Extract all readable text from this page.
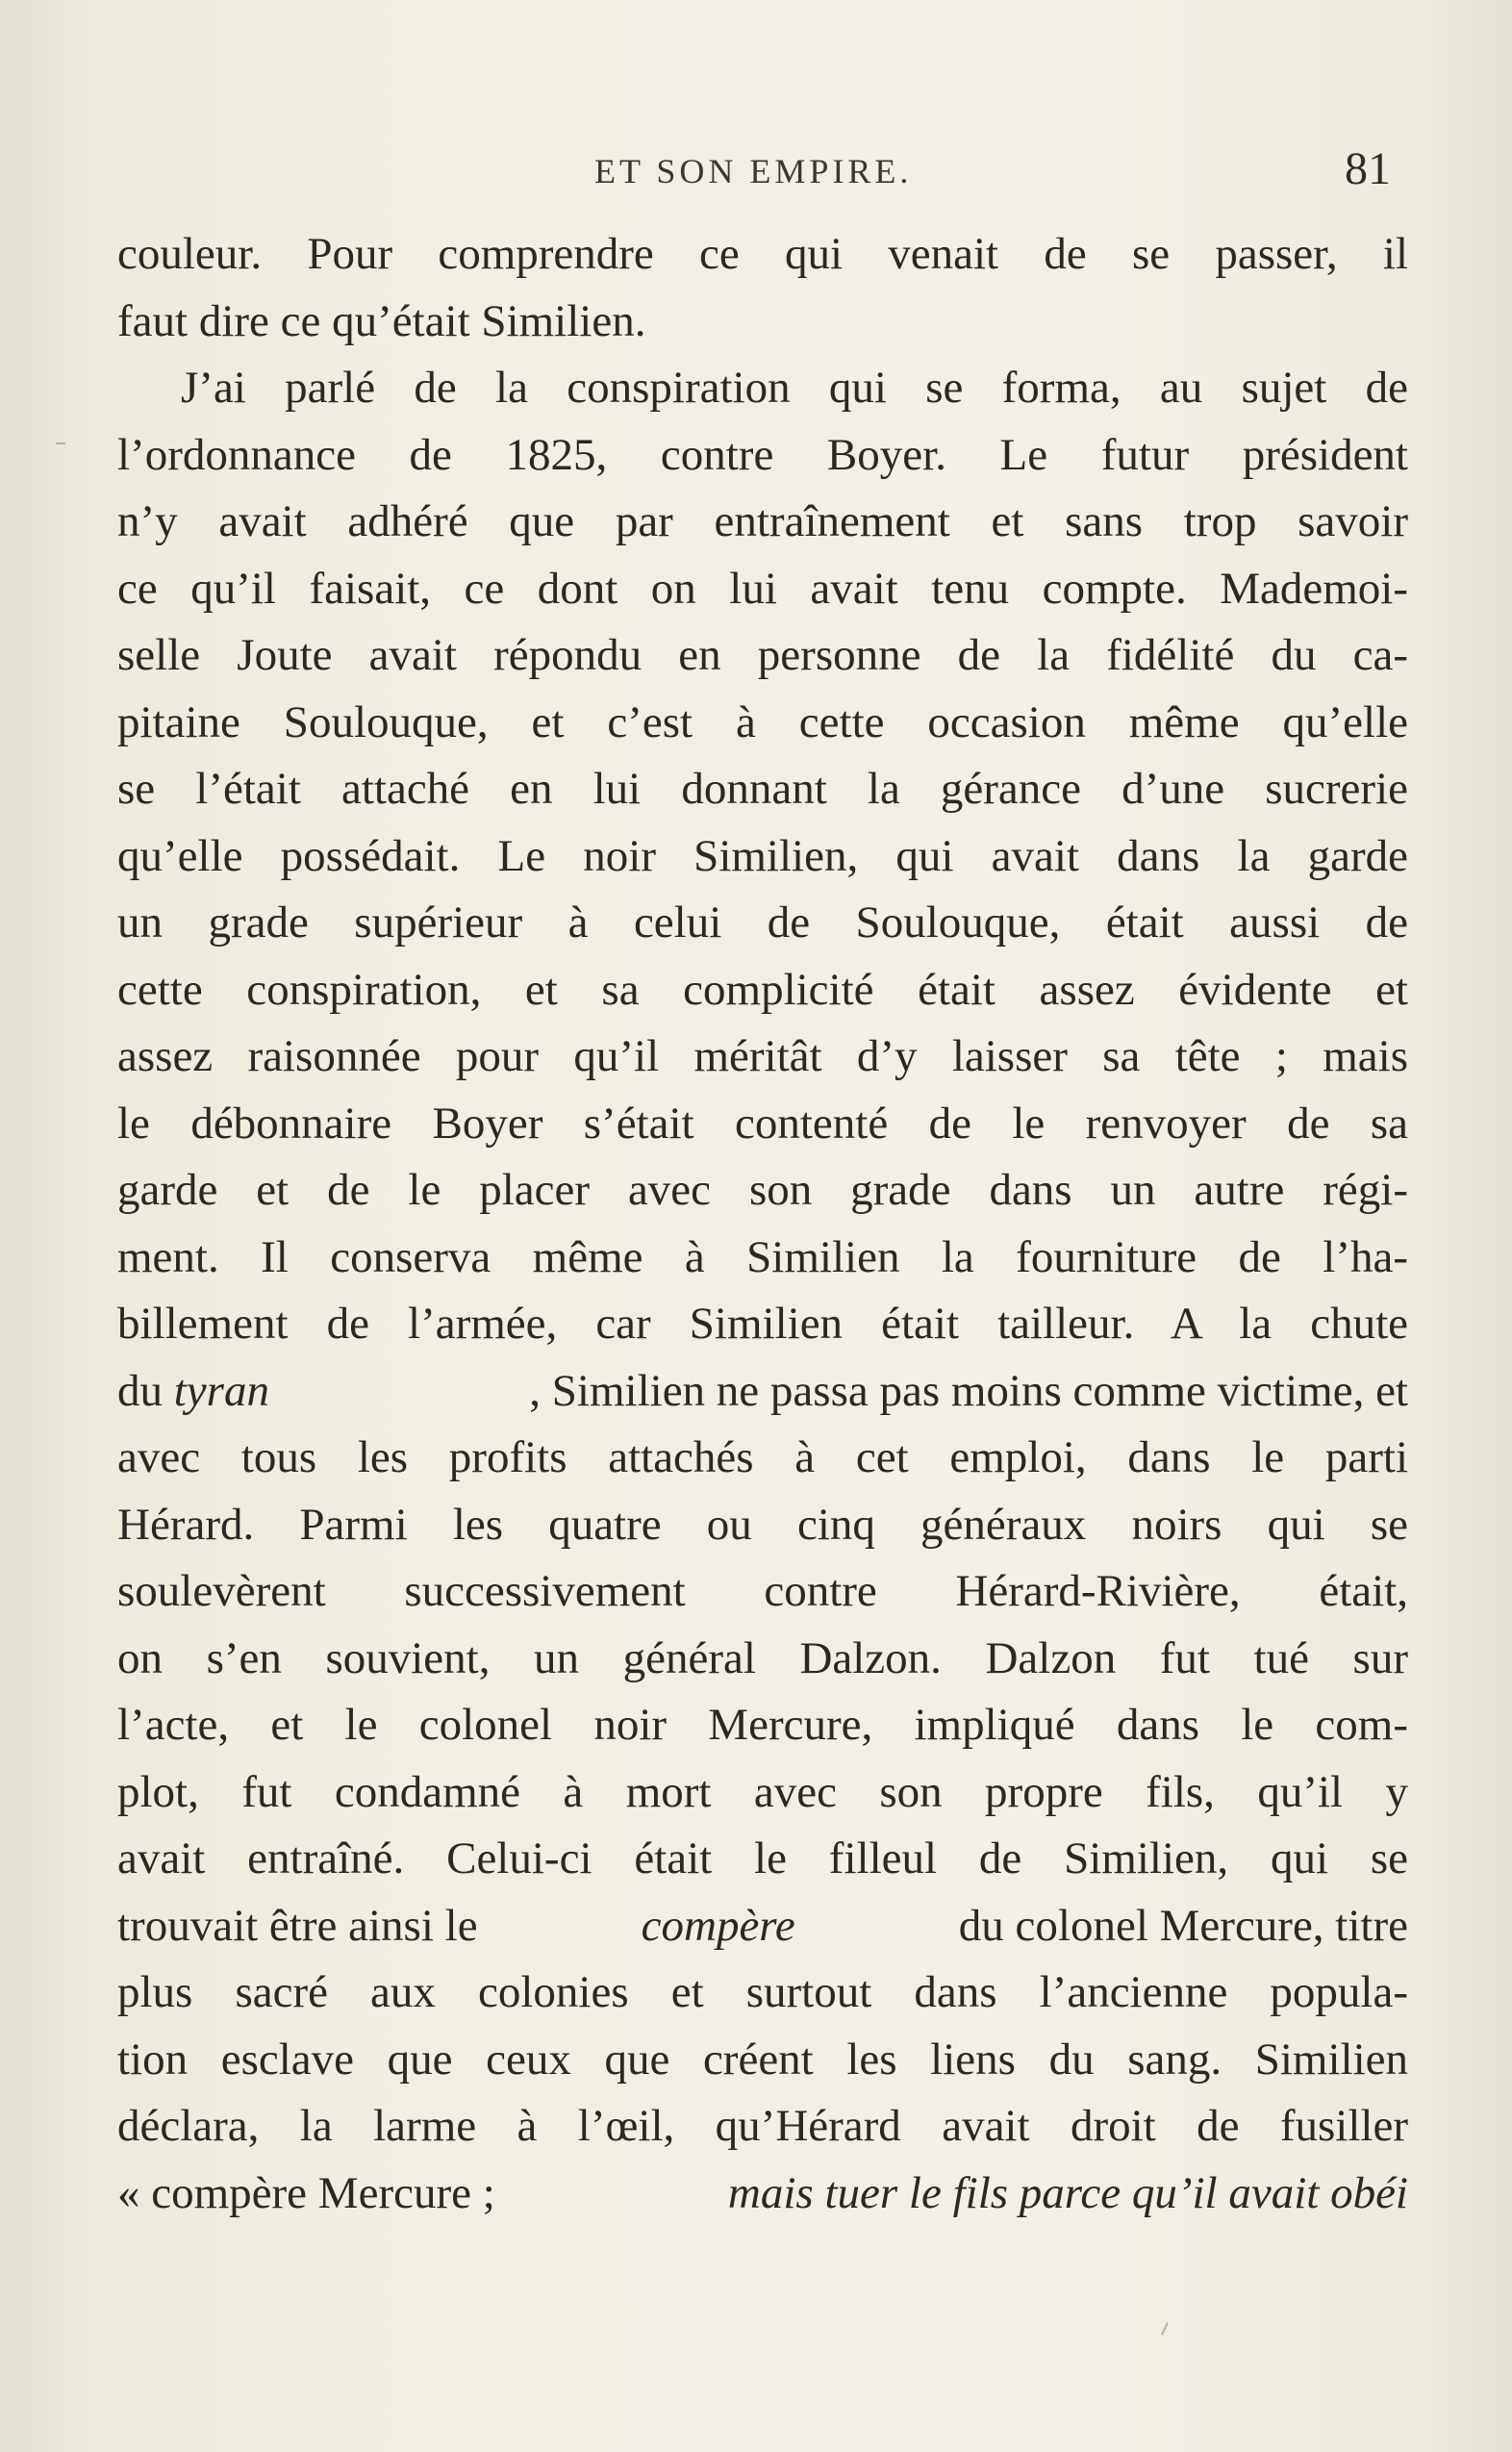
ET SON EMPIRE.	81
couleur. Pour comprendre ce qui venait de se passer, il
faut dire ce qu’était Similien.
J’ai parlé de la conspiration qui se forma, au sujet de
l’ordonnance de 1825, contre Boyer. Le futur président
n’y avait adhéré que par entraînement et sans trop savoir
ce qu’il faisait, ce dont on lui avait tenu compte. Mademoi-
selle Joute avait répondu en personne de la fidélité du ca-
pitaine Soulouque, et c’est à cette occasion même qu’elle
se l’était attaché en lui donnant la gérance d’une sucrerie
qu’elle possédait. Le noir Similien, qui avait dans la garde
un grade supérieur à celui de Soulouque, était aussi de
cette conspiration, et sa complicité était assez évidente et
assez raisonnée pour qu’il méritât d’y laisser sa tête ; mais
le débonnaire Boyer s’était contenté de le renvoyer de sa
garde et de le placer avec son grade dans un autre régi-
ment. Il conserva même à Similien la fourniture de l’ha-
billement de l’armée, car Similien était tailleur. A la chute
du tyran	, Similien ne passa pas moins comme victime, et
avec tous les profits attachés à cet emploi, dans le parti
Hérard. Parmi les quatre ou cinq généraux noirs qui se
soulevèrent successivement contre Hérard-Rivière, était,
on s’en souvient, un général Dalzon. Dalzon fut tué sur
l’acte, et le colonel noir Mercure, impliqué dans le com-
plot, fut condamné à mort avec son propre fils, qu’il y
avait entraîné. Celui-ci était le filleul de Similien, qui se
trouvait être ainsi le	compère	du colonel Mercure, titre
plus sacré aux colonies et surtout dans l’ancienne popula-
tion esclave que ceux que créent les liens du sang. Similien
déclara, la larme à l’œil, qu’Hérard avait droit de fusiller
« compère Mercure ;	mais tuer le fils parce qu’il avait obéi
